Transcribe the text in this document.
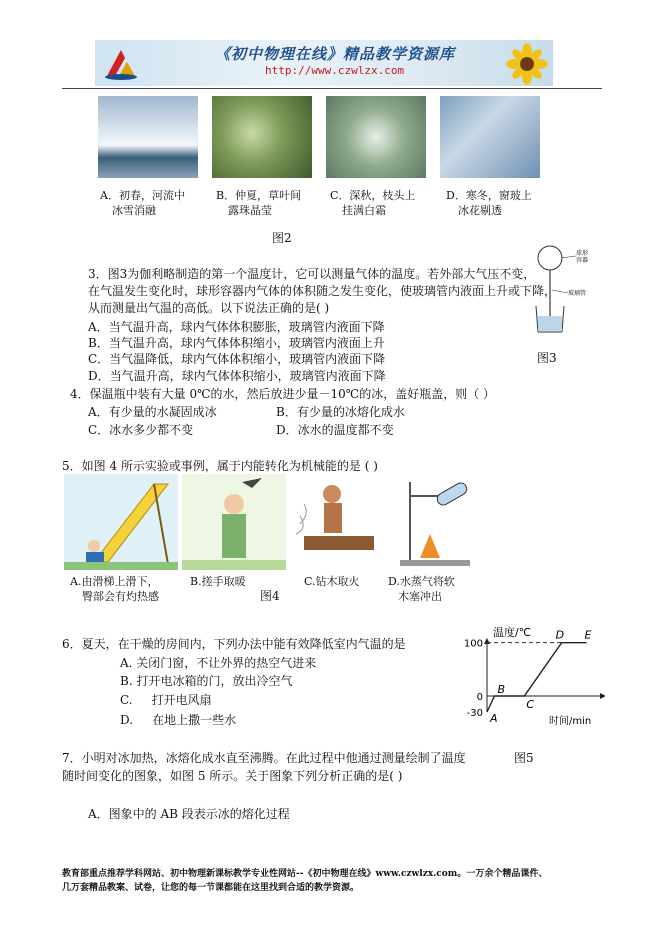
《初中物理在线》精品教学资源库
http://www.czwlzx.com
A．初春，河流中
冰雪消融
B．仲夏，草叶间
露珠晶莹
C．深秋，枝头上
挂满白霜
D．寒冬，窗玻上
冰花剔透
图2
3．图3为伽利略制造的第一个温度计，它可以测量气体的温度。若外部大气压不变，
在气温发生变化时，球形容器内气体的体积随之发生变化，使玻璃管内液面上升或下降，
从而测量出气温的高低。以下说法正确的是( )
A．当气温升高，球内气体体积膨胀，玻璃管内液面下降
B．当气温升高，球内气体体积缩小，玻璃管内液面上升
C．当气温降低，球内气体体积缩小，玻璃管内液面下降
D．当气温升高，球内气体体积缩小，玻璃管内液面下降
球形
容器
玻璃管
图3
4．保温瓶中装有大量 0℃的水，然后放进少量－10℃的冰，盖好瓶盖，则（ ）
A．有少量的水凝固成冰	B．有少量的冰熔化成水
C．冰水多少都不变	D．冰水的温度都不变
5．如图 4 所示实验或事例，属于内能转化为机械能的是 ( )
A.由滑梯上滑下，
臀部会有灼热感
B.搓手取暖
图4
C.钻木取火	D.水蒸气将软
木塞冲出
6．夏天，在干燥的房间内，下列办法中能有效降低室内气温的是
A. 关闭门窗，不让外界的热空气进来
B. 打开电冰箱的门，放出冷空气
C.     打开电风扇
D.     在地上撒一些水
温度/℃
时间/min
100
0
-30 A
B
C
D E
7．小明对冰加热，冰熔化成水直至沸腾。在此过程中他通过测量绘制了温度
随时间变化的图象，如图 5 所示。关于图象下列分析正确的是( )
图5
A．图象中的 AB 段表示冰的熔化过程
教育部重点推荐学科网站、初中物理新课标教学专业性网站--《初中物理在线》www.czwlzx.com。一万余个精品课件、
几万套精品教案、试卷，让您的每一节课都能在这里找到合适的教学资源。
